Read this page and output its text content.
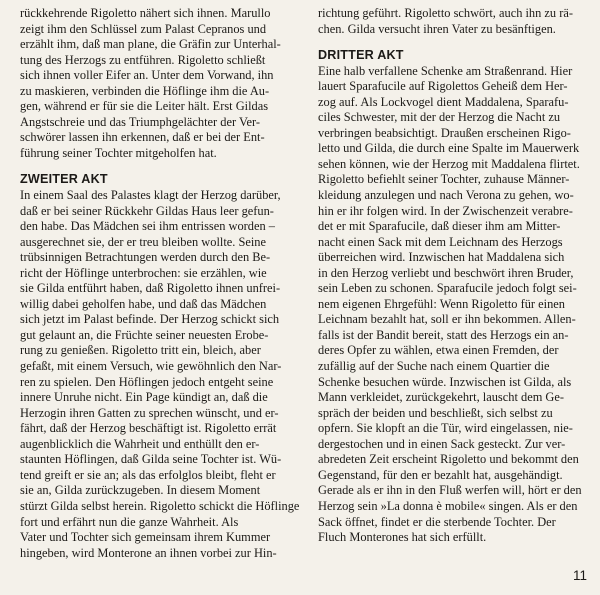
rückkehrende Rigoletto nähert sich ihnen. Marullo
zeigt ihm den Schlüssel zum Palast Cepranos und
erzählt ihm, daß man plane, die Gräfin zur Unterhal-
tung des Herzogs zu entführen. Rigoletto schließt
sich ihnen voller Eifer an. Unter dem Vorwand, ihn
zu maskieren, verbinden die Höflinge ihm die Au-
gen, während er für sie die Leiter hält. Erst Gildas
Angstschreie und das Triumphgelächter der Ver-
schwörer lassen ihn erkennen, daß er bei der Ent-
führung seiner Tochter mitgeholfen hat.
ZWEITER AKT
In einem Saal des Palastes klagt der Herzog darüber,
daß er bei seiner Rückkehr Gildas Haus leer gefun-
den habe. Das Mädchen sei ihm entrissen worden –
ausgerechnet sie, der er treu bleiben wollte. Seine
trübsinnigen Betrachtungen werden durch den Be-
richt der Höflinge unterbrochen: sie erzählen, wie
sie Gilda entführt haben, daß Rigoletto ihnen unfrei-
willig dabei geholfen habe, und daß das Mädchen
sich jetzt im Palast befinde. Der Herzog schickt sich
gut gelaunt an, die Früchte seiner neuesten Erobe-
rung zu genießen. Rigoletto tritt ein, bleich, aber
gefaßt, mit einem Versuch, wie gewöhnlich den Nar-
ren zu spielen. Den Höflingen jedoch entgeht seine
innere Unruhe nicht. Ein Page kündigt an, daß die
Herzogin ihren Gatten zu sprechen wünscht, und er-
fährt, daß der Herzog beschäftigt ist. Rigoletto errät
augenblicklich die Wahrheit und enthüllt den er-
staunten Höflingen, daß Gilda seine Tochter ist. Wü-
tend greift er sie an; als das erfolglos bleibt, fleht er
sie an, Gilda zurückzugeben. In diesem Moment
stürzt Gilda selbst herein. Rigoletto schickt die Höflinge
fort und erfährt nun die ganze Wahrheit. Als
Vater und Tochter sich gemeinsam ihrem Kummer
hingeben, wird Monterone an ihnen vorbei zur Hin-
richtung geführt. Rigoletto schwört, auch ihn zu rä-
chen. Gilda versucht ihren Vater zu besänftigen.
DRITTER AKT
Eine halb verfallene Schenke am Straßenrand. Hier
lauert Sparafucile auf Rigolettos Geheiß dem Her-
zog auf. Als Lockvogel dient Maddalena, Sparafu-
ciles Schwester, mit der der Herzog die Nacht zu
verbringen beabsichtigt. Draußen erscheinen Rigo-
letto und Gilda, die durch eine Spalte im Mauerwerk
sehen können, wie der Herzog mit Maddalena flirtet.
Rigoletto befiehlt seiner Tochter, zuhause Männer-
kleidung anzulegen und nach Verona zu gehen, wo-
hin er ihr folgen wird. In der Zwischenzeit verabre-
det er mit Sparafucile, daß dieser ihm am Mitter-
nacht einen Sack mit dem Leichnam des Herzogs
überreichen wird. Inzwischen hat Maddalena sich
in den Herzog verliebt und beschwört ihren Bruder,
sein Leben zu schonen. Sparafucile jedoch folgt sei-
nem eigenen Ehrgefühl: Wenn Rigoletto für einen
Leichnam bezahlt hat, soll er ihn bekommen. Allen-
falls ist der Bandit bereit, statt des Herzogs ein an-
deres Opfer zu wählen, etwa einen Fremden, der
zufällig auf der Suche nach einem Quartier die
Schenke besuchen würde. Inzwischen ist Gilda, als
Mann verkleidet, zurückgekehrt, lauscht dem Ge-
spräch der beiden und beschließt, sich selbst zu
opfern. Sie klopft an die Tür, wird eingelassen, nie-
dergestochen und in einen Sack gesteckt. Zur ver-
abredeten Zeit erscheint Rigoletto und bekommt den
Gegenstand, für den er bezahlt hat, ausgehändigt.
Gerade als er ihn in den Fluß werfen will, hört er den
Herzog sein »La donna è mobile« singen. Als er den
Sack öffnet, findet er die sterbende Tochter. Der
Fluch Monterones hat sich erfüllt.
11
